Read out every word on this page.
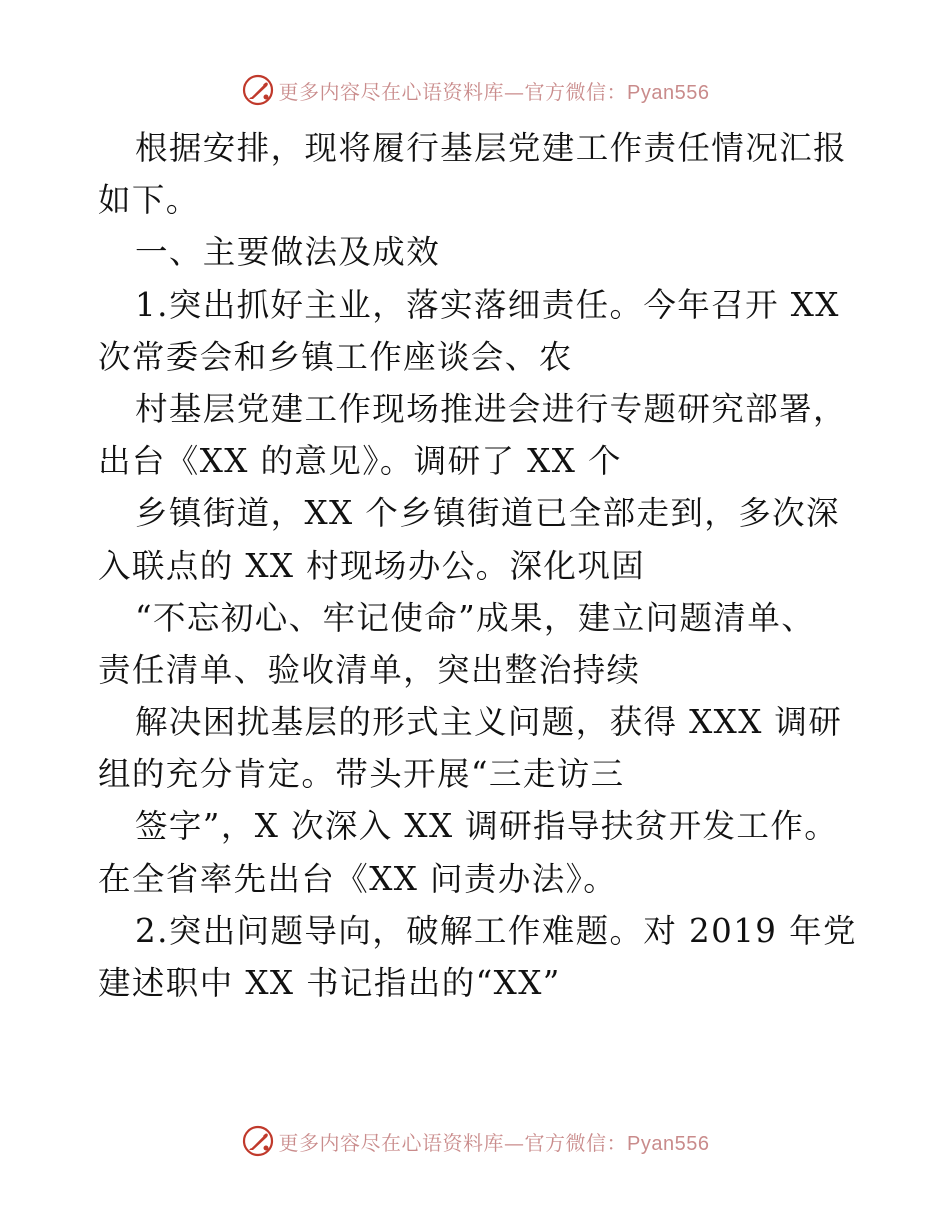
更多内容尽在心语资料库—官方微信：Pyan556
根据安排，现将履行基层党建工作责任情况汇报
如下。
一、主要做法及成效
1.突出抓好主业，落实落细责任。今年召开 XX
次常委会和乡镇工作座谈会、农
村基层党建工作现场推进会进行专题研究部署，
出台《XX 的意见》。调研了 XX 个
乡镇街道，XX 个乡镇街道已全部走到，多次深
入联点的 XX 村现场办公。深化巩固
“不忘初心、牢记使命”成果，建立问题清单、
责任清单、验收清单，突出整治持续
解决困扰基层的形式主义问题，获得 XXX 调研
组的充分肯定。带头开展“三走访三
签字”，X 次深入 XX 调研指导扶贫开发工作。
在全省率先出台《XX 问责办法》。
2.突出问题导向，破解工作难题。对 2019 年党
建述职中 XX 书记指出的“XX”
更多内容尽在心语资料库—官方微信：Pyan556
